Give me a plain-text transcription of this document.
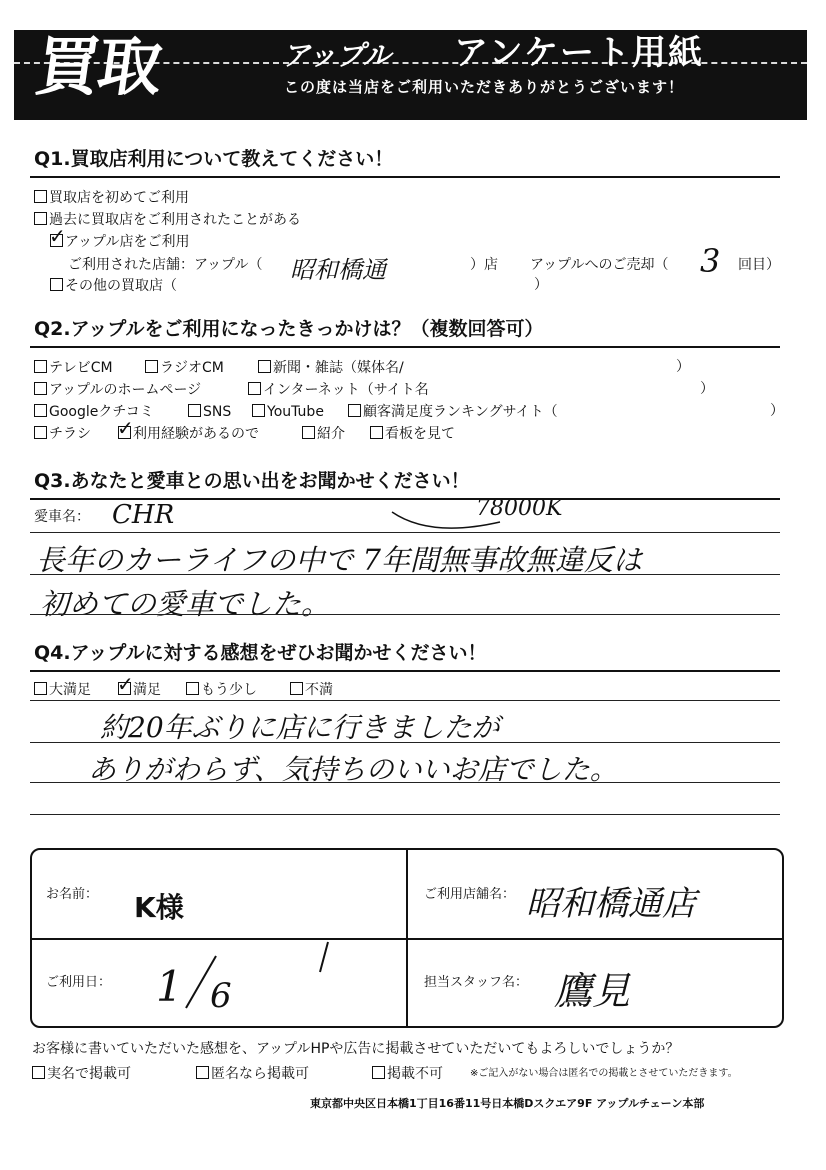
買取	アップル アンケート用紙
この度は当店をご利用いただきありがとうございます！
Q1.買取店利用について教えてください！
買取店を初めてご利用
過去に買取店をご利用されたことがある
✓アップル店をご利用
ご利用された店舗：アップル（ 昭和橋通	）店 アップルへのご売却（ 3 回目）
その他の買取店（	）
Q2.アップルをご利用になったきっかけは？（複数回答可）
テレビCM	ラジオCM	新聞・雑誌（媒体名/	）
アップルのホームページ	インターネット（サイト名	）
Googleクチコミ	SNS	YouTube	顧客満足度ランキングサイト（	）
チラシ ✓	利用経験があるので	紹介	看板を見て
Q3.あなたと愛車との思い出をお聞かせください！
愛車名： CHR	78000K
長年のカーライフの中で 7年間無事故無違反は
初めての愛車でした。
Q4.アップルに対する感想をぜひお聞かせください！
大満足 ✓	満足	もう少し	不満
約20年ぶりに店に行きましたが
ありがわらず、気持ちのいいお店でした。
お名前： K様	ご利用店舗名： 昭和橋通店
ご利用日： 1 6	担当スタッフ名： 鷹見
お客様に書いていただいた感想を、アップルHPや広告に掲載させていただいてもよろしいでしょうか？
実名で掲載可	匿名なら掲載可	掲載不可	※ご記入がない場合は匿名での掲載とさせていただきます。
東京都中央区日本橋1丁目16番11号日本橋Dスクエア9F アップルチェーン本部
